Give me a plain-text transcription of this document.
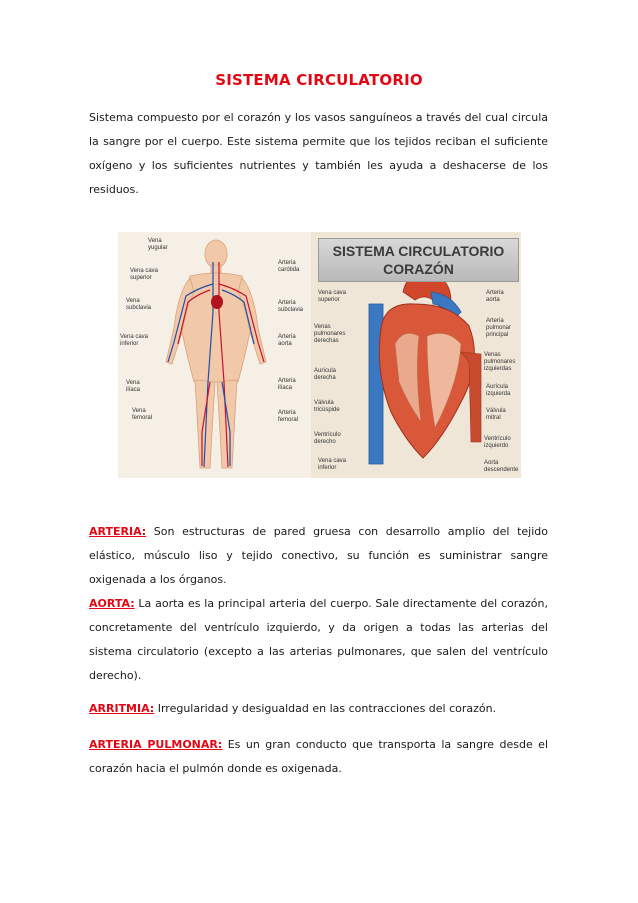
SISTEMA CIRCULATORIO

Sistema compuesto por el corazón y los vasos sanguíneos a través del cual circula la sangre por el cuerpo. Este sistema permite que los tejidos reciban el suficiente oxígeno y los suficientes nutrientes y también les ayuda a deshacerse de los residuos.

SISTEMA CIRCULATORIO
CORAZÓN
Vena
yugular
Vena cava
superior
Vena
subclavia
Vena cava
inferior
Vena
ilíaca
Vena
femoral
Arteria
carótida
Arteria
subclavia
Arteria
aorta
Arteria
ilíaca
Arteria
femoral
Vena cava
superior
Venas
pulmonares
derechas
Aurícula
derecha
Válvula
tricúspide
Ventrículo
derecho
Vena cava
inferior
Arteria
aorta
Arteria
pulmonar
principal
Venas
pulmonares
izquierdas
Aurícula
izquierda
Válvula
mitral
Ventrículo
izquierdo
Aorta
descendente

ARTERIA: Son estructuras de pared gruesa con desarrollo amplio del tejido elástico, músculo liso y tejido conectivo, su función es suministrar sangre oxigenada a los órganos.

AORTA: La aorta es la principal arteria del cuerpo. Sale directamente del corazón, concretamente del ventrículo izquierdo, y da origen a todas las arterias del sistema circulatorio (excepto a las arterias pulmonares, que salen del ventrículo derecho).

ARRITMIA: Irregularidad y desigualdad en las contracciones del corazón.

ARTERIA PULMONAR: Es un gran conducto que transporta la sangre desde el corazón hacia el pulmón donde es oxigenada.
